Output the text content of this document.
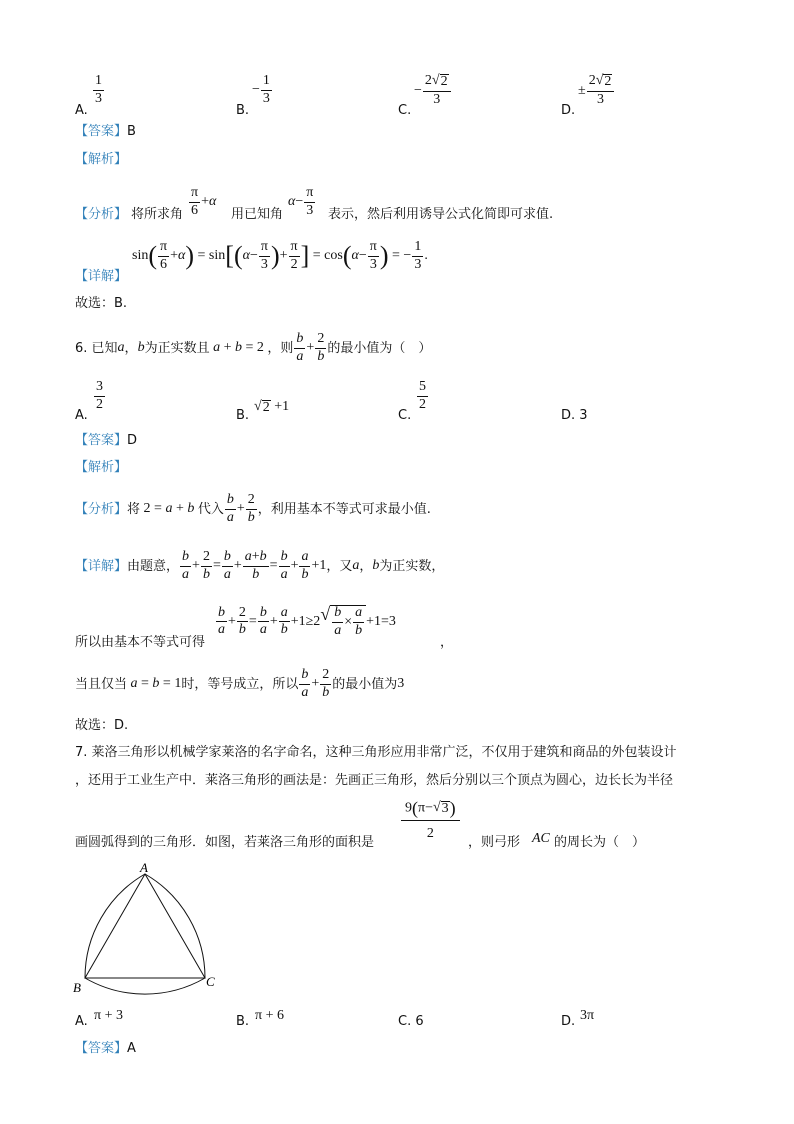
A.
$\frac{1}{3}$
B.
− $\frac{1}{3}$
C.
− $\frac{2√ 2}{3}$
D.
± $\frac{2√ 2}{3}$
【答案】B
【解析】
【分析】 将所求角 $\frac{\pi}{6} + \alpha$
用已知角
$\alpha - \frac{\pi}{3}$ 表示，然后利用诱导公式化简即可求值.
【详解】
sin ( $\frac{\pi}{6} + \alpha$ ) = sin [ ( $\alpha - \frac{\pi}{3}$ ) + $\frac{\pi}{2}$ ] = cos ( $\alpha - \frac{\pi}{3}$ ) = − $\frac{1}{3}$ .
故选：B.
6. 已知 a ， b 为正实数且 a + b = 2 ，则 $\frac{b}{a} + \frac{2}{b}$ 的最小值为（　）
A.
$\frac{3}{2}$
B.
√ 2 +1
C.
$\frac{5}{2}$
D. 3
【答案】D
【解析】
【分析】 将 2 = a + b 代入 $\frac{b}{a} + \frac{2}{b}$ ，利用基本不等式可求最小值.
【详解】 由题意， $\frac{b}{a} + \frac{2}{b} = \frac{b}{a} + \frac{a+b}{b} = \frac{b}{a} + \frac{a}{b} +1$ ，又 a ， b 为正实数，
所以由基本不等式可得
$\frac{b}{a} + \frac{2}{b} = \frac{b}{a} + \frac{a}{b} +1\ge 2$ √ $\frac{b}{a} \times \frac{a}{b} +1=3$
，
当且仅当 a = b = 1 时，等号成立，所以 $\frac{b}{a} + \frac{2}{b}$ 的最小值为 3
故选：D.
7. 莱洛三角形以机械学家莱洛的名字命名，这种三角形应用非常广泛，不仅用于建筑和商品的外包装设计
，还用于工业生产中．莱洛三角形的画法是：先画正三角形，然后分别以三个顶点为圆心，边长长为半径
画圆弧得到的三角形．如图，若莱洛三角形的面积是
$\frac{9(\pi-√ 3 )}{2}$
，则弓形 AC 的周长为（　）
A
B	C
A. π + 3	B. π + 6	C. 6	D. 3π
【答案】A
